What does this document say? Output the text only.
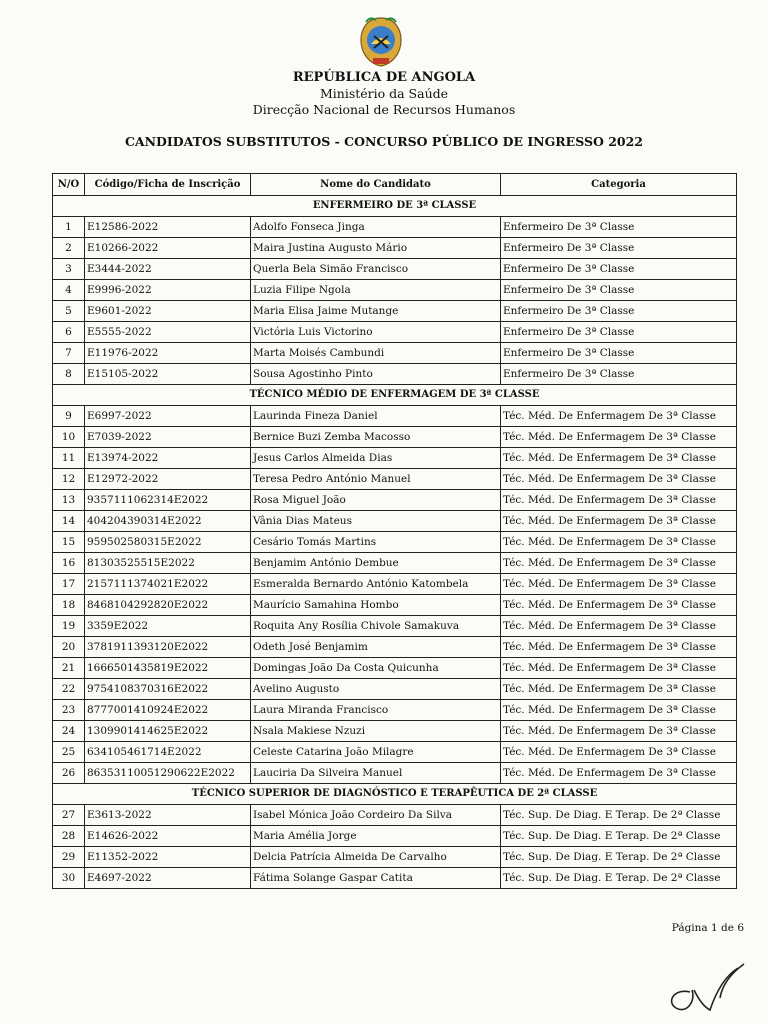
REPÚBLICA DE ANGOLA
Ministério da Saúde
Direcção Nacional de Recursos Humanos
CANDIDATOS SUBSTITUTOS - CONCURSO PÚBLICO DE INGRESSO 2022
N/O	Código/Ficha de Inscrição	Nome do Candidato	Categoria
ENFERMEIRO DE 3ª CLASSE			
1	E12586-2022	Adolfo Fonseca Jinga	Enfermeiro De 3ª Classe
2	E10266-2022	Maira Justina Augusto Mário	Enfermeiro De 3ª Classe
3	E3444-2022	Querla Bela Simão Francisco	Enfermeiro De 3ª Classe
4	E9996-2022	Luzia Filipe Ngola	Enfermeiro De 3ª Classe
5	E9601-2022	Maria Elisa Jaime Mutange	Enfermeiro De 3ª Classe
6	E5555-2022	Victória Luis Victorino	Enfermeiro De 3ª Classe
7	E11976-2022	Marta Moisés Cambundi	Enfermeiro De 3ª Classe
8	E15105-2022	Sousa Agostinho Pinto	Enfermeiro De 3ª Classe
TÉCNICO MÉDIO DE ENFERMAGEM DE 3ª CLASSE			
9	E6997-2022	Laurinda Fineza Daniel	Téc. Méd. De Enfermagem De 3ª Classe
10	E7039-2022	Bernice Buzi Zemba Macosso	Téc. Méd. De Enfermagem De 3ª Classe
11	E13974-2022	Jesus Carlos Almeida Dias	Téc. Méd. De Enfermagem De 3ª Classe
12	E12972-2022	Teresa Pedro António Manuel	Téc. Méd. De Enfermagem De 3ª Classe
13	9357111062314E2022	Rosa Miguel João	Téc. Méd. De Enfermagem De 3ª Classe
14	404204390314E2022	Vânia Dias Mateus	Téc. Méd. De Enfermagem De 3ª Classe
15	959502580315E2022	Cesário Tomás Martins	Téc. Méd. De Enfermagem De 3ª Classe
16	81303525515E2022	Benjamim António Dembue	Téc. Méd. De Enfermagem De 3ª Classe
17	2157111374021E2022	Esmeralda Bernardo António Katombela	Téc. Méd. De Enfermagem De 3ª Classe
18	8468104292820E2022	Maurício Samahina Hombo	Téc. Méd. De Enfermagem De 3ª Classe
19	3359E2022	Roquita Any Rosília Chivole Samakuva	Téc. Méd. De Enfermagem De 3ª Classe
20	3781911393120E2022	Odeth José Benjamim	Téc. Méd. De Enfermagem De 3ª Classe
21	1666501435819E2022	Domingas João Da Costa Quicunha	Téc. Méd. De Enfermagem De 3ª Classe
22	9754108370316E2022	Avelino Augusto	Téc. Méd. De Enfermagem De 3ª Classe
23	8777001410924E2022	Laura Miranda Francisco	Téc. Méd. De Enfermagem De 3ª Classe
24	1309901414625E2022	Nsala Makiese Nzuzi	Téc. Méd. De Enfermagem De 3ª Classe
25	634105461714E2022	Celeste Catarina João Milagre	Téc. Méd. De Enfermagem De 3ª Classe
26	86353110051290622E2022	Lauciria Da Silveira Manuel	Téc. Méd. De Enfermagem De 3ª Classe
TÉCNICO SUPERIOR DE DIAGNÓSTICO E TERAPÊUTICA DE 2ª CLASSE			
27	E3613-2022	Isabel Mónica João Cordeiro Da Silva	Téc. Sup. De Diag. E Terap. De 2ª Classe
28	E14626-2022	Maria Amélia Jorge	Téc. Sup. De Diag. E Terap. De 2ª Classe
29	E11352-2022	Delcia Patrícia Almeida De Carvalho	Téc. Sup. De Diag. E Terap. De 2ª Classe
30	E4697-2022	Fátima Solange Gaspar Catita	Téc. Sup. De Diag. E Terap. De 2ª Classe
Página 1 de 6
